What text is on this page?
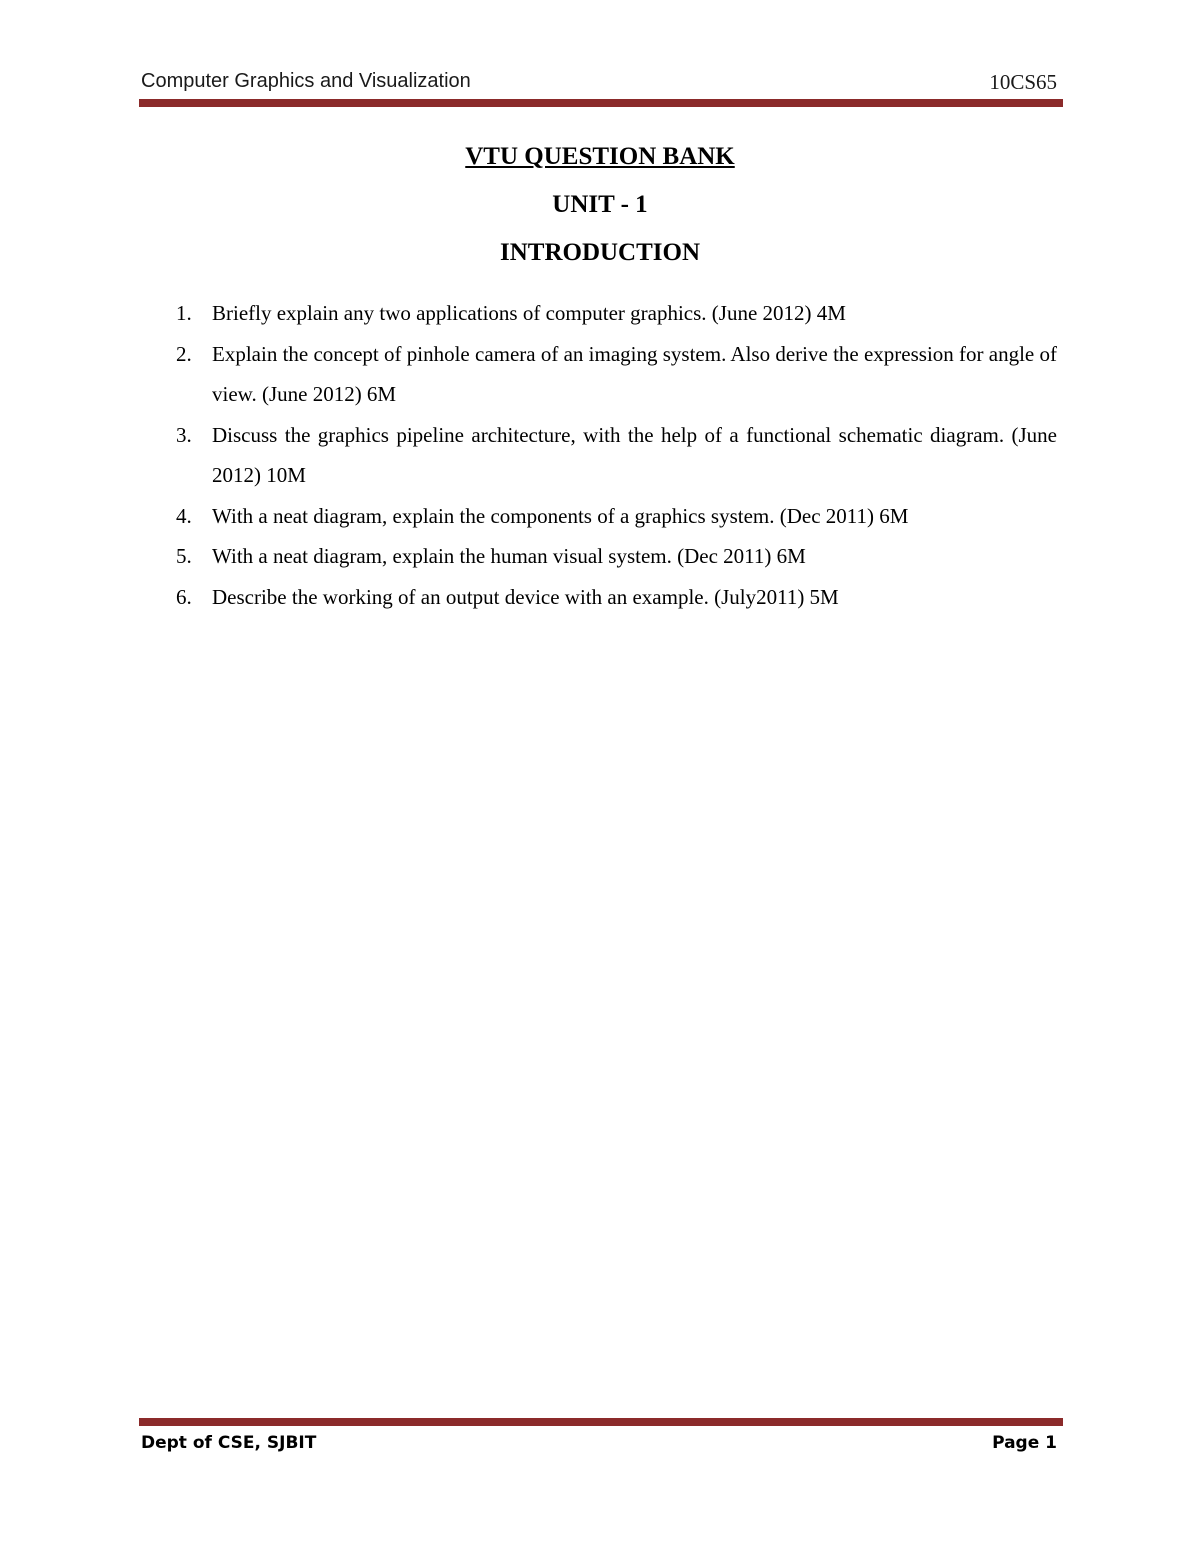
Computer Graphics and Visualization	10CS65
VTU QUESTION BANK
UNIT - 1
INTRODUCTION
1. Briefly explain any two applications of computer graphics. (June 2012) 4M
2. Explain the concept of pinhole camera of an imaging system. Also derive the expression for angle of view. (June 2012) 6M
3. Discuss the graphics pipeline architecture, with the help of a functional schematic diagram. (June 2012) 10M
4. With a neat diagram, explain the components of a graphics system. (Dec 2011) 6M
5. With a neat diagram, explain the human visual system. (Dec 2011) 6M
6. Describe the working of an output device with an example. (July2011) 5M
Dept of CSE, SJBIT	Page 1
